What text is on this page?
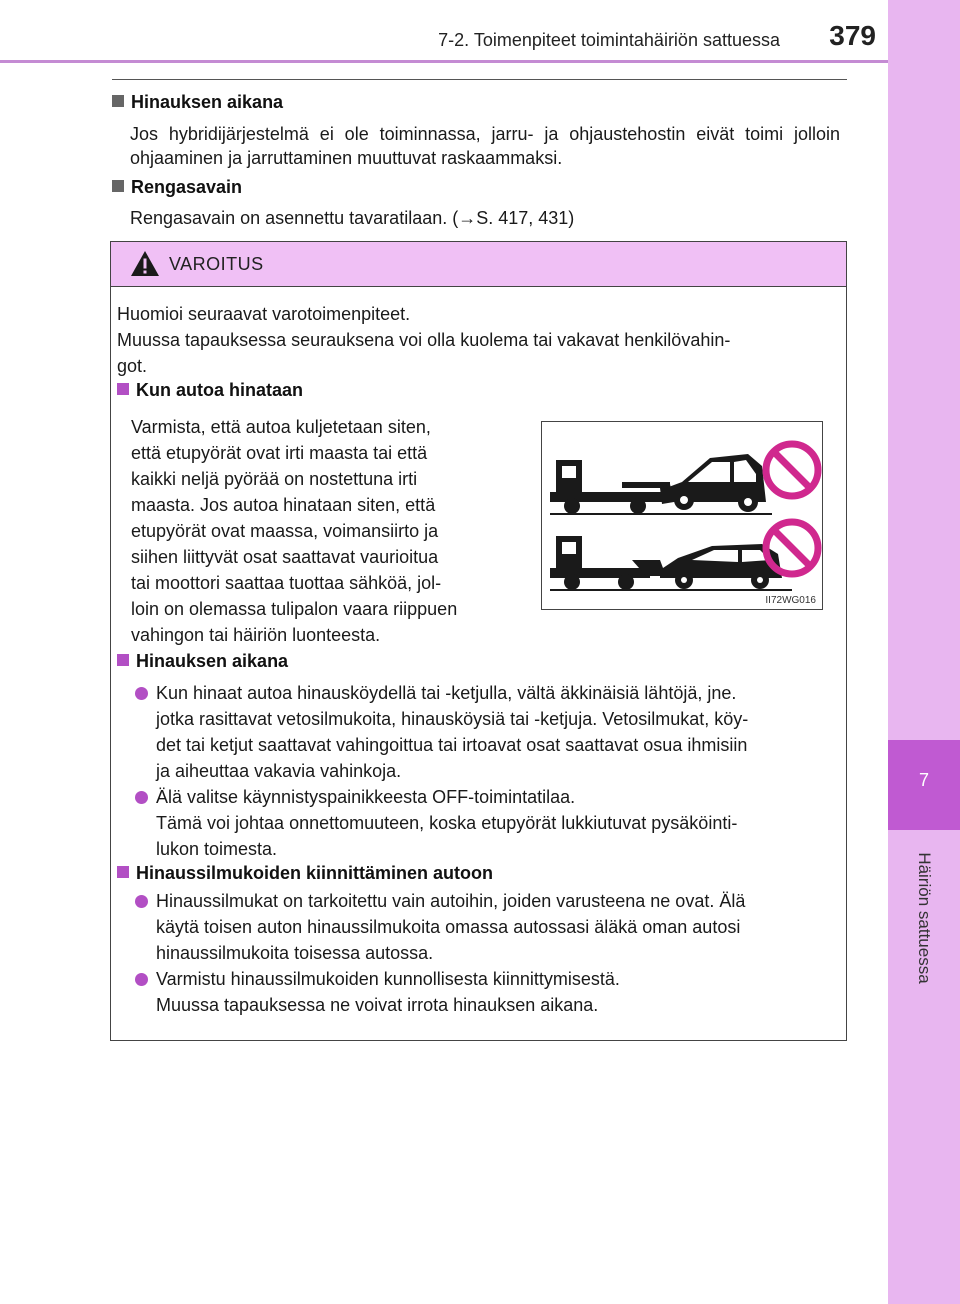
7-2. Toimenpiteet toimintahäiriön sattuessa 379
7
Häiriön sattuessa
Hinauksen aikana
Jos hybridijärjestelmä ei ole toiminnassa, jarru- ja ohjaustehostin eivät toimi jolloin ohjaaminen ja jarruttaminen muuttuvat raskaammaksi.
Rengasavain
Rengasavain on asennettu tavaratilaan. (→S. 417, 431)
VAROITUS
Huomioi seuraavat varotoimenpiteet.
Muussa tapauksessa seurauksena voi olla kuolema tai vakavat henkilövahin-
got.
Kun autoa hinataan
Varmista, että autoa kuljetetaan siten,
että etupyörät ovat irti maasta tai että
kaikki neljä pyörää on nostettuna irti
maasta. Jos autoa hinataan siten, että
etupyörät ovat maassa, voimansiirto ja
siihen liittyvät osat saattavat vaurioitua
tai moottori saattaa tuottaa sähköä, jol-
loin on olemassa tulipalon vaara riippuen
vahingon tai häiriön luonteesta.
II72WG016
Hinauksen aikana
Kun hinaat autoa hinausköydellä tai -ketjulla, vältä äkkinäisiä lähtöjä, jne.
jotka rasittavat vetosilmukoita, hinausköysiä tai -ketjuja. Vetosilmukat, köy-
det tai ketjut saattavat vahingoittua tai irtoavat osat saattavat osua ihmisiin
ja aiheuttaa vakavia vahinkoja.
Älä valitse käynnistyspainikkeesta OFF-toimintatilaa.
Tämä voi johtaa onnettomuuteen, koska etupyörät lukkiutuvat pysäköinti-
lukon toimesta.
Hinaussilmukoiden kiinnittäminen autoon
Hinaussilmukat on tarkoitettu vain autoihin, joiden varusteena ne ovat. Älä
käytä toisen auton hinaussilmukoita omassa autossasi äläkä oman autosi
hinaussilmukoita toisessa autossa.
Varmistu hinaussilmukoiden kunnollisesta kiinnittymisestä.
Muussa tapauksessa ne voivat irrota hinauksen aikana.
